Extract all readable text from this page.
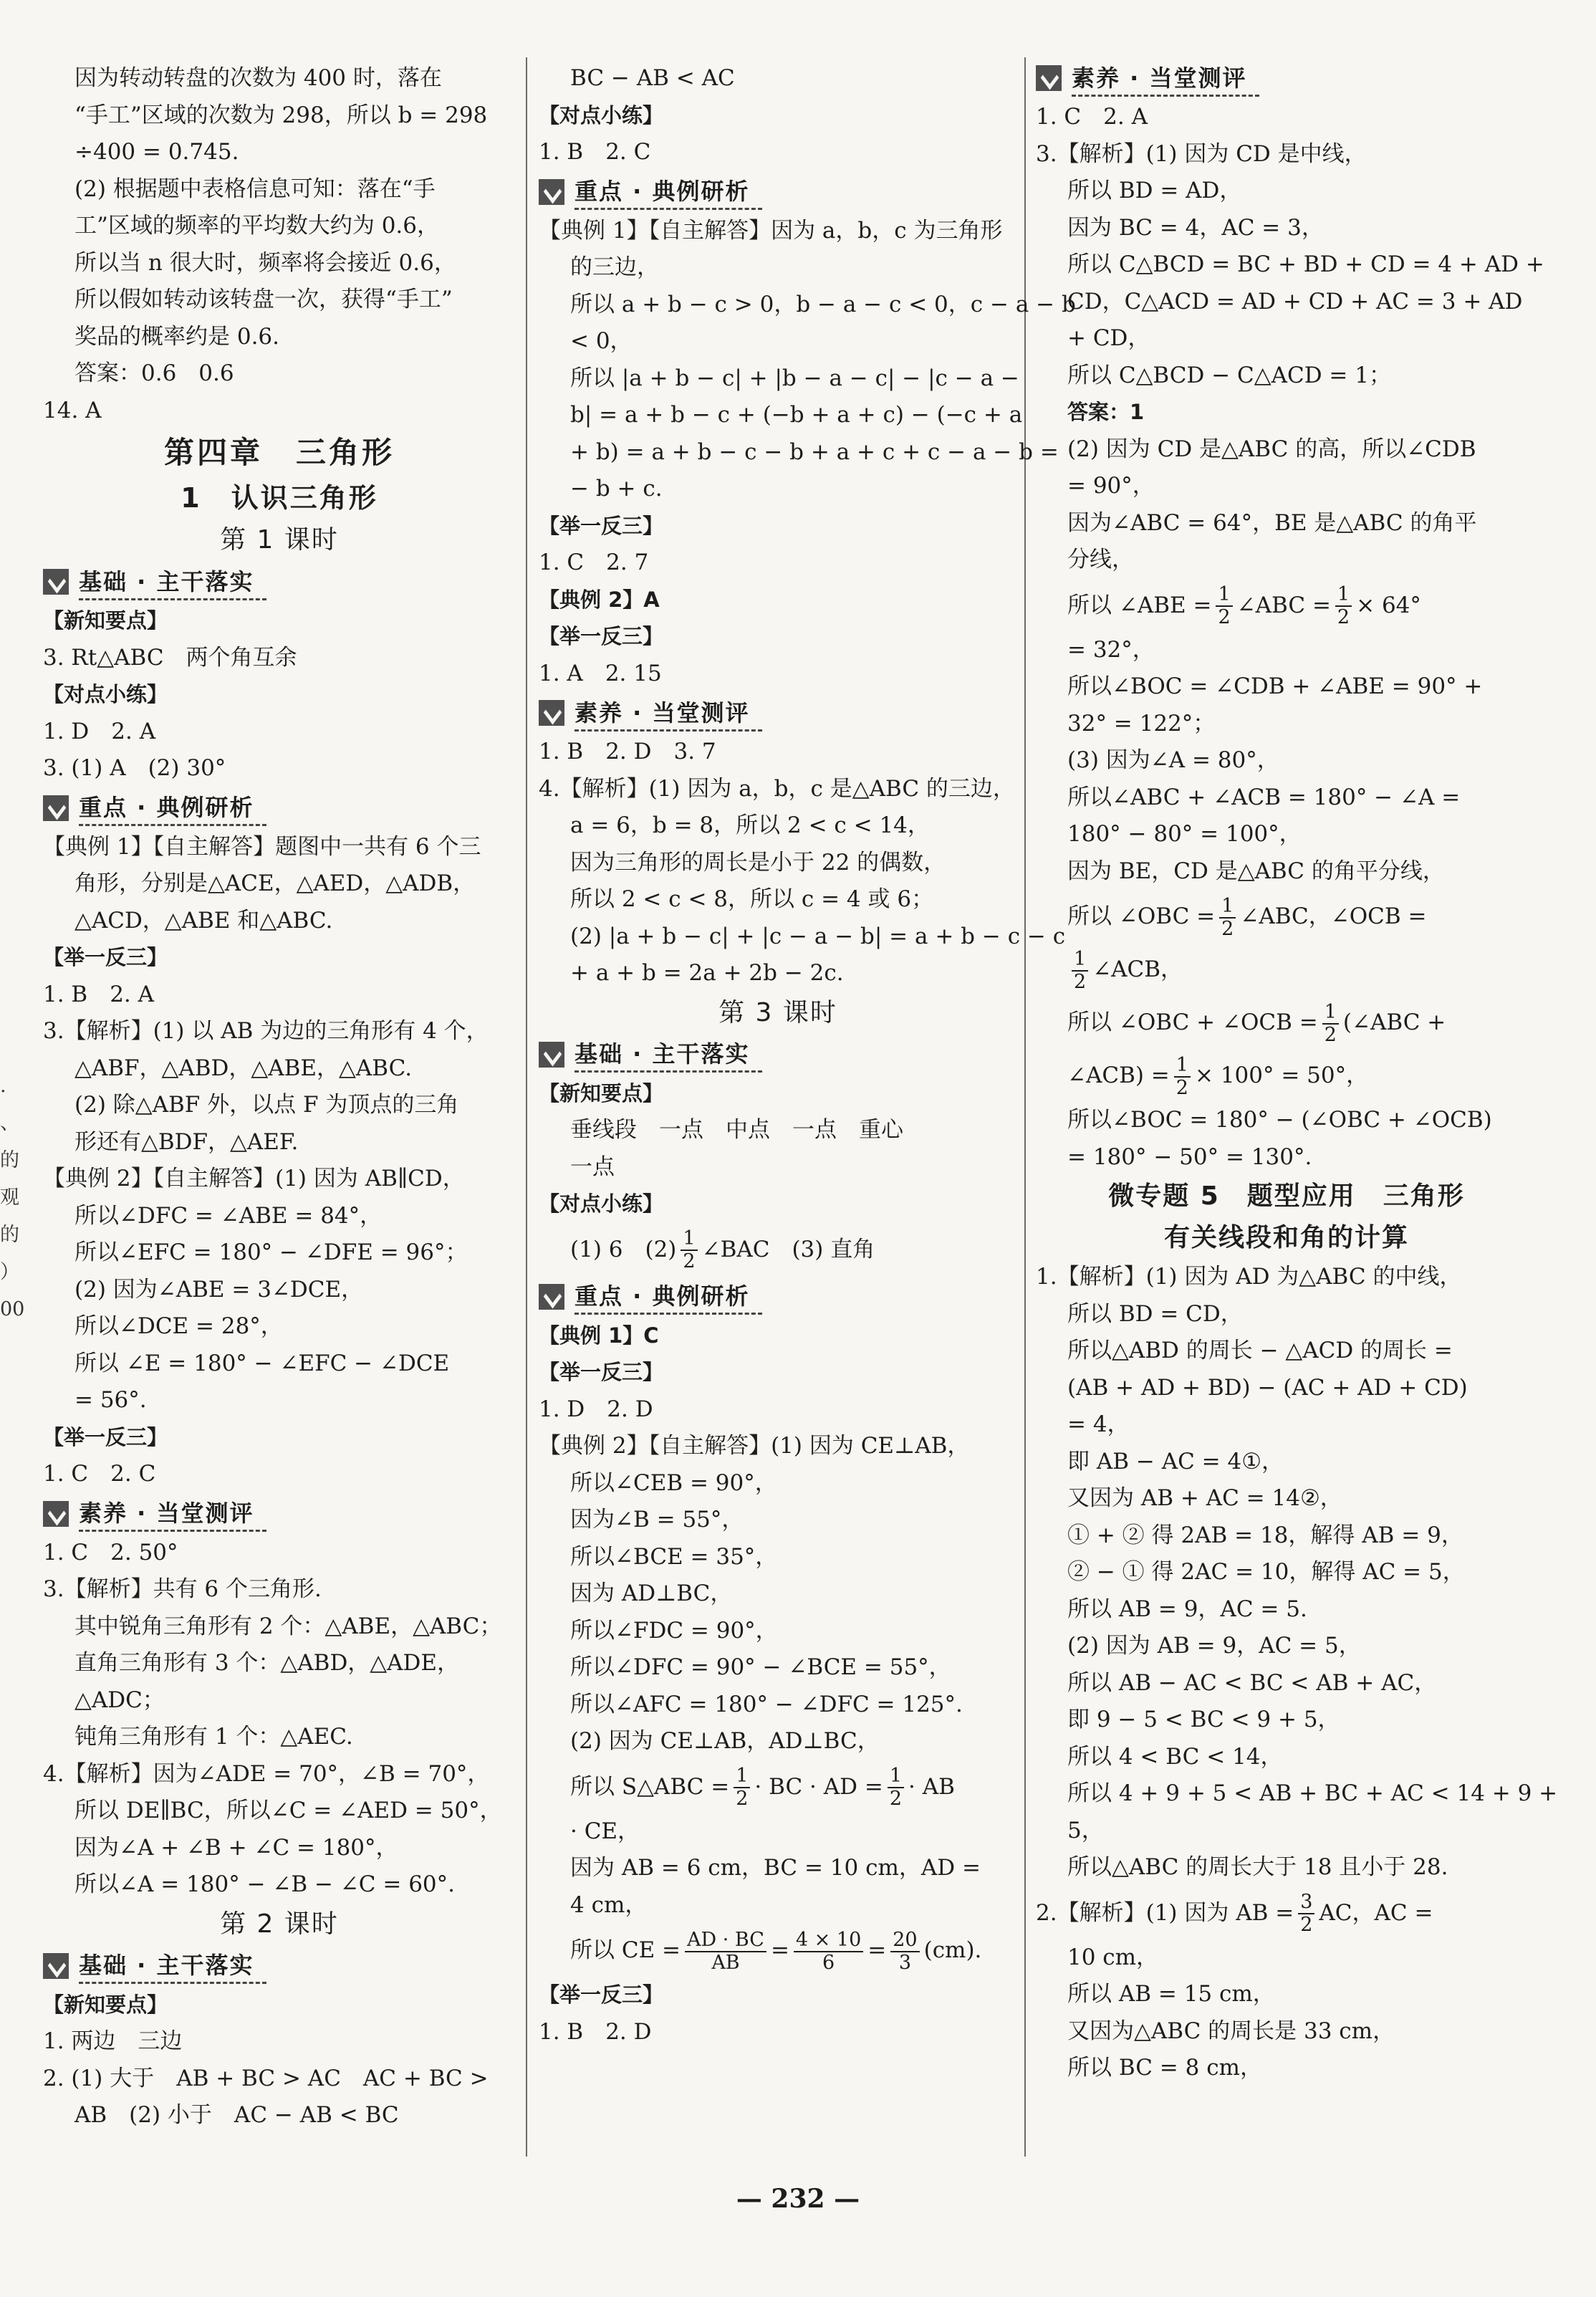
.
、
的
观
的
）
00
因为转动转盘的次数为 400 时，落在
“手工”区域的次数为 298，所以 b = 298
÷400 = 0.745.
(2) 根据题中表格信息可知：落在“手
工”区域的频率的平均数大约为 0.6，
所以当 n 很大时，频率将会接近 0.6，
所以假如转动该转盘一次，获得“手工”
奖品的概率约是 0.6.
答案：0.6　0.6
14. A
第四章　三角形
1　认识三角形
第 1 课时
基础 · 主干落实
【新知要点】
3. Rt△ABC　两个角互余
【对点小练】
1. D　2. A
3. (1) A　(2) 30°
重点 · 典例研析
【典例 1】【自主解答】题图中一共有 6 个三
角形，分别是△ACE，△AED，△ADB，
△ACD，△ABE 和△ABC.
【举一反三】
1. B　2. A
3.【解析】(1) 以 AB 为边的三角形有 4 个，
△ABF，△ABD，△ABE，△ABC.
(2) 除△ABF 外，以点 F 为顶点的三角
形还有△BDF，△AEF.
【典例 2】【自主解答】(1) 因为 AB∥CD，
所以∠DFC = ∠ABE = 84°，
所以∠EFC = 180° − ∠DFE = 96°；
(2) 因为∠ABE = 3∠DCE，
所以∠DCE = 28°，
所以 ∠E = 180° − ∠EFC − ∠DCE
= 56°.
【举一反三】
1. C　2. C
素养 · 当堂测评
1. C　2. 50°
3.【解析】共有 6 个三角形.
其中锐角三角形有 2 个：△ABE，△ABC；
直角三角形有 3 个：△ABD，△ADE，
△ADC；
钝角三角形有 1 个：△AEC.
4.【解析】因为∠ADE = 70°，∠B = 70°，
所以 DE∥BC，所以∠C = ∠AED = 50°，
因为∠A + ∠B + ∠C = 180°，
所以∠A = 180° − ∠B − ∠C = 60°.
第 2 课时
基础 · 主干落实
【新知要点】
1. 两边　三边
2. (1) 大于　AB + BC > AC　AC + BC >
AB　(2) 小于　AC − AB < BC
BC − AB < AC
【对点小练】
1. B　2. C
重点 · 典例研析
【典例 1】【自主解答】因为 a，b，c 为三角形
的三边，
所以 a + b − c > 0，b − a − c < 0，c − a − b
< 0，
所以 |a + b − c| + |b − a − c| − |c − a −
b| = a + b − c + (−b + a + c) − (−c + a
+ b) = a + b − c − b + a + c + c − a − b =
− b + c.
【举一反三】
1. C　2. 7
【典例 2】A
【举一反三】
1. A　2. 15
素养 · 当堂测评
1. B　2. D　3. 7
4.【解析】(1) 因为 a，b，c 是△ABC 的三边，
a = 6，b = 8，所以 2 < c < 14，
因为三角形的周长是小于 22 的偶数，
所以 2 < c < 8，所以 c = 4 或 6；
(2) |a + b − c| + |c − a − b| = a + b − c − c
+ a + b = 2a + 2b − 2c.
第 3 课时
基础 · 主干落实
【新知要点】
垂线段　一点　中点　一点　重心
一点
【对点小练】
(1) 6　$(2) \frac{1}{2}$ ∠BAC　(3) 直角
重点 · 典例研析
【典例 1】C
【举一反三】
1. D　2. D
【典例 2】【自主解答】(1) 因为 CE⊥AB，
所以∠CEB = 90°，
因为∠B = 55°，
所以∠BCE = 35°，
因为 AD⊥BC，
所以∠FDC = 90°，
所以∠DFC = 90° − ∠BCE = 55°，
所以∠AFC = 180° − ∠DFC = 125°.
(2) 因为 CE⊥AB，AD⊥BC，
所以 S△ABC = $\frac{1}{2}$ · BC · AD = $\frac{1}{2}$ · AB
· CE，
因为 AB = 6 cm，BC = 10 cm，AD =
4 cm，
所以 CE = $\frac{AD \cdot BC}{AB} = \frac{4 \times 10}{6} = \frac{20}{3} (cm)$.
【举一反三】
1. B　2. D
素养 · 当堂测评
1. C　2. A
3.【解析】(1) 因为 CD 是中线，
所以 BD = AD，
因为 BC = 4，AC = 3，
所以 C△BCD = BC + BD + CD = 4 + AD +
CD，C△ACD = AD + CD + AC = 3 + AD
+ CD，
所以 C△BCD − C△ACD = 1；
答案：1
(2) 因为 CD 是△ABC 的高，所以∠CDB
= 90°，
因为∠ABC = 64°，BE 是△ABC 的角平
分线，
所以 ∠ABE = $\frac{1}{2}$ ∠ABC = $\frac{1}{2} \times 64^\circ$
= 32°，
所以∠BOC = ∠CDB + ∠ABE = 90° +
32° = 122°；
(3) 因为∠A = 80°，
所以∠ABC + ∠ACB = 180° − ∠A =
180° − 80° = 100°，
因为 BE，CD 是△ABC 的角平分线，
所以 ∠OBC = $\frac{1}{2}$ ∠ABC，∠OCB =
$\frac{1}{2}$ ∠ACB，
所以 ∠OBC + ∠OCB = $\frac{1}{2}$ (∠ABC +
∠ACB) = $\frac{1}{2} \times 100^\circ = 50^\circ$，
所以∠BOC = 180° − (∠OBC + ∠OCB)
= 180° − 50° = 130°.
微专题 5　题型应用　三角形
有关线段和角的计算
1.【解析】(1) 因为 AD 为△ABC 的中线，
所以 BD = CD，
所以△ABD 的周长 − △ACD 的周长 =
(AB + AD + BD) − (AC + AD + CD)
= 4，
即 AB − AC = 4①，
又因为 AB + AC = 14②，
① + ② 得 2AB = 18，解得 AB = 9，
② − ① 得 2AC = 10，解得 AC = 5，
所以 AB = 9，AC = 5.
(2) 因为 AB = 9，AC = 5，
所以 AB − AC < BC < AB + AC，
即 9 − 5 < BC < 9 + 5，
所以 4 < BC < 14，
所以 4 + 9 + 5 < AB + BC + AC < 14 + 9 +
5，
所以△ABC 的周长大于 18 且小于 28.
2.【解析】(1) 因为 AB = $\frac{3}{2}$ AC，AC =
10 cm，
所以 AB = 15 cm，
又因为△ABC 的周长是 33 cm，
所以 BC = 8 cm，
— 232 —
